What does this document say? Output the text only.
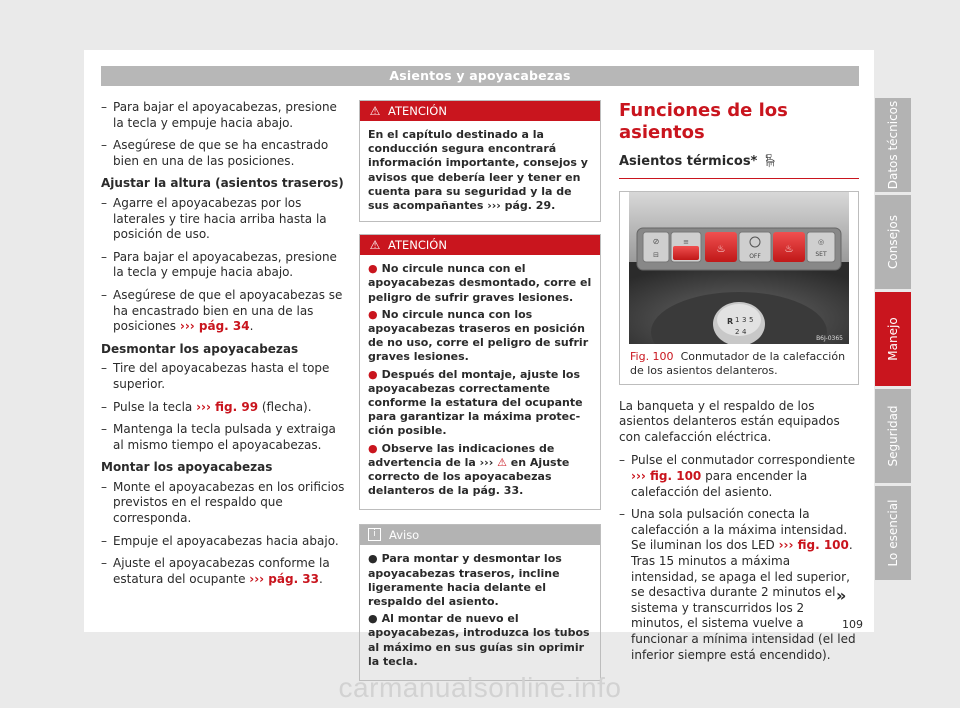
Asientos y apoyacabezas
– Para bajar el apoyacabezas, presione la tecla y empuje hacia abajo.
– Asegúrese de que se ha encastrado bien en una de las posiciones.
Ajustar la altura (asientos traseros)
– Agarre el apoyacabezas por los laterales y tire hacia arriba hasta la posición de uso.
– Para bajar el apoyacabezas, presione la tecla y empuje hacia abajo.
– Asegúrese de que el apoyacabezas se ha encastrado bien en una de las posiciones ››› pág. 34.
Desmontar los apoyacabezas
– Tire del apoyacabezas hasta el tope superior.
– Pulse la tecla ››› fig. 99 (flecha).
– Mantenga la tecla pulsada y extraiga al mismo tiempo el apoyacabezas.
Montar los apoyacabezas
– Monte el apoyacabezas en los orificios previstos en el respaldo que corresponda.
– Empuje el apoyacabezas hacia abajo.
– Ajuste el apoyacabezas conforme la estatura del ocupante ››› pág. 33.
⚠ ATENCIÓN
En el capítulo destinado a la conducción segura encontrará información importante, consejos y avisos que debería leer y tener en cuenta para su seguridad y la de sus acompañantes ››› pág. 29.
⚠ ATENCIÓN
● No circule nunca con el apoyacabezas desmontado, corre el peligro de sufrir graves lesiones.
● No circule nunca con los apoyacabezas traseros en posición de no uso, corre el peligro de sufrir graves lesiones.
● Después del montaje, ajuste los apoyacabezas correctamente conforme la estatura del ocupante para garantizar la máxima protección posible.
● Observe las indicaciones de advertencia de la ››› ⚠ en Ajuste correcto de los apoyacabezas delanteros de la pág. 33.
i Aviso
● Para montar y desmontar los apoyacabezas traseros, incline ligeramente hacia delante el respaldo del asiento.
● Al montar de nuevo el apoyacabezas, introduzca los tubos al máximo en sus guías sin oprimir la tecla.
Funciones de los asientos
Asientos térmicos* 🪑︎
⊘
⊟
≡
♨
OFF
♨
◎
SET
R 1 3 5
2 4
B6J-0365
Fig. 100 Conmutador de la calefacción de los asientos delanteros.
La banqueta y el respaldo de los asientos delanteros están equipados con calefacción eléctrica.
– Pulse el conmutador correspondiente ››› fig. 100 para encender la calefacción del asiento.
– Una sola pulsación conecta la calefacción a la máxima intensidad. Se iluminan los dos LED ››› fig. 100. Tras 15 minutos a máxima intensidad, se apaga el led superior, se desactiva durante 2 minutos el sistema y transcurridos los 2 minutos, el sistema vuelve a funcionar a mínima intensidad (el led inferior siempre está encendido).
»
Datos técnicos
Consejos
Manejo
Seguridad
Lo esencial
109
carmanualsonline.info
